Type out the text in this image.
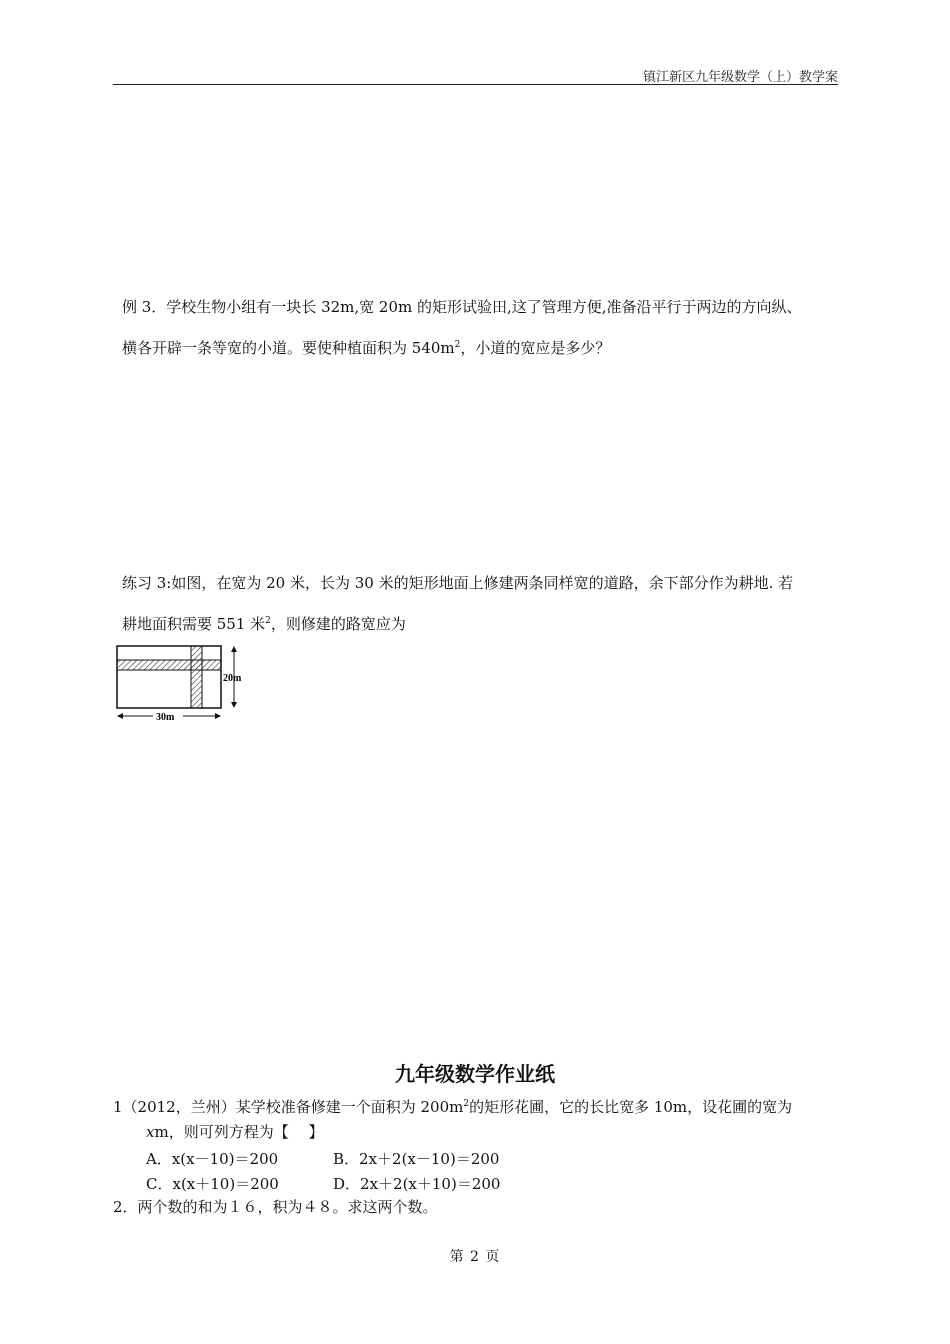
镇江新区九年级数学（上）教学案
例 3．学校生物小组有一块长 32m,宽 20m 的矩形试验田,这了管理方便,准备沿平行于两边的方向纵、
横各开辟一条等宽的小道。要使种植面积为 $540m^2$，小道的宽应是多少？
练习 3:如图，在宽为 20 米，长为 30 米的矩形地面上修建两条同样宽的道路，余下部分作为耕地. 若
耕地面积需要 551 米$^2$，则修建的路宽应为
20m
30m
九年级数学作业纸
1（2012，兰州）某学校准备修建一个面积为 $200m^2$的矩形花圃，它的长比宽多 10m，设花圃的宽为
xm，则可列方程为【　 】
A．x(x－10)＝200	B．2x＋2(x－10)＝200
C．x(x＋10)＝200	D．2x＋2(x＋10)＝200
2．两个数的和为１６，积为４８。求这两个数。
第 2 页
